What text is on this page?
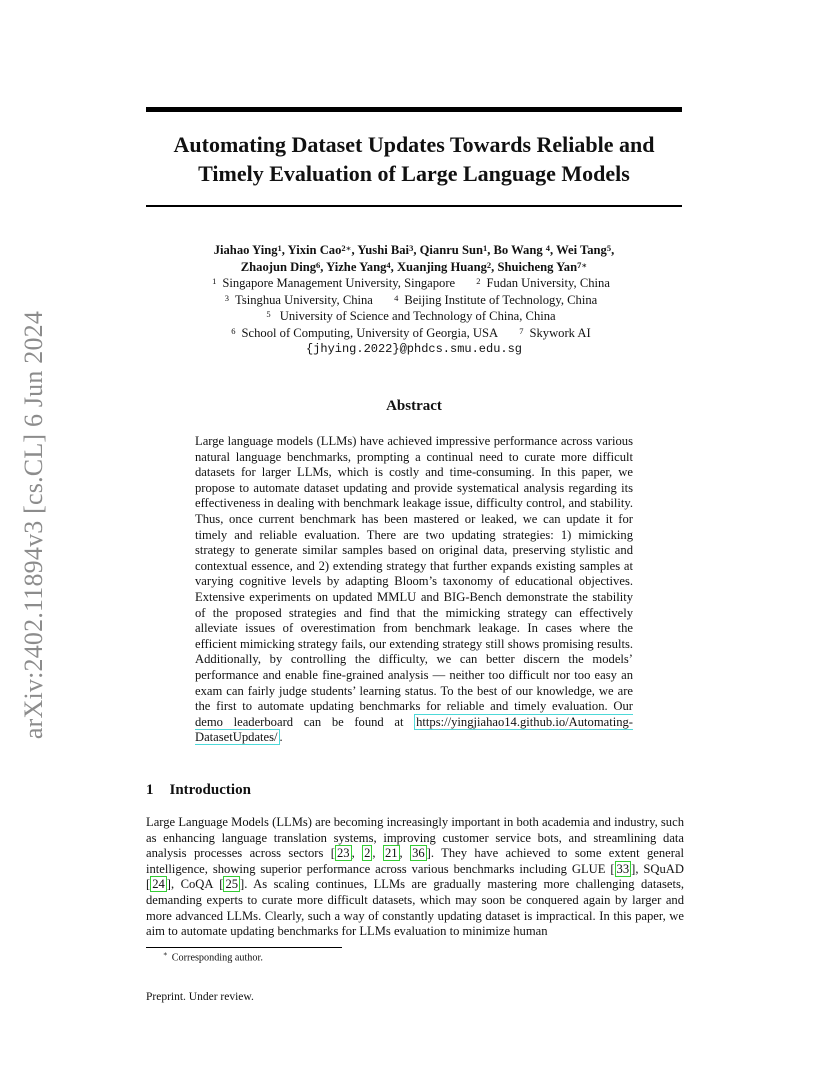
arXiv:2402.11894v3 [cs.CL] 6 Jun 2024
Automating Dataset Updates Towards Reliable and
Timely Evaluation of Large Language Models
Jiahao Ying$^1$, Yixin Cao$^{2∗}$, Yushi Bai$^3$, Qianru Sun$^1$, Bo Wang $^4$, Wei Tang$^5$,
Zhaojun Ding$^6$, Yizhe Yang$^4$, Xuanjing Huang$^2$, Shuicheng Yan$^{7∗}$
$^1$ Singapore Management University, Singapore $^2$ Fudan University, China
$^3$ Tsinghua University, China $^4$ Beijing Institute of Technology, China
$^5$ University of Science and Technology of China, China
$^6$ School of Computing, University of Georgia, USA $^7$ Skywork AI
{jhying.2022}@phdcs.smu.edu.sg
Abstract
Large language models (LLMs) have achieved impressive performance across various natural language benchmarks, prompting a continual need to curate more difficult datasets for larger LLMs, which is costly and time-consuming. In this paper, we propose to automate dataset updating and provide systematical analysis regarding its effectiveness in dealing with benchmark leakage issue, difficulty control, and stability. Thus, once current benchmark has been mastered or leaked, we can update it for timely and reliable evaluation. There are two updating strategies: 1) mimicking strategy to generate similar samples based on original data, preserving stylistic and contextual essence, and 2) extending strategy that further expands existing samples at varying cognitive levels by adapting Bloom’s taxonomy of educational objectives. Extensive experiments on updated MMLU and BIG-Bench demonstrate the stability of the proposed strategies and find that the mimicking strategy can effectively alleviate issues of overestimation from benchmark leakage. In cases where the efficient mimicking strategy fails, our extending strategy still shows promising results. Additionally, by controlling the difficulty, we can better discern the models’ performance and enable fine-grained analysis — neither too difficult nor too easy an exam can fairly judge students’ learning status. To the best of our knowledge, we are the first to automate updating benchmarks for reliable and timely evaluation. Our demo leaderboard can be found at https://yingjiahao14.github.io/Automating-DatasetUpdates/ .
1 Introduction
Large Language Models (LLMs) are becoming increasingly important in both academia and industry, such as enhancing language translation systems, improving customer service bots, and streamlining data analysis processes across sectors [ 23 , 2 , 21 , 36 ]. They have achieved to some extent general intelligence, showing superior performance across various benchmarks including GLUE [ 33 ], SQuAD [ 24 ], CoQA [ 25 ]. As scaling continues, LLMs are gradually mastering more challenging datasets, demanding experts to curate more difficult datasets, which may soon be conquered again by larger and more advanced LLMs. Clearly, such a way of constantly updating dataset is impractical. In this paper, we aim to automate updating benchmarks for LLMs evaluation to minimize human
∗ Corresponding author.
Preprint. Under review.
